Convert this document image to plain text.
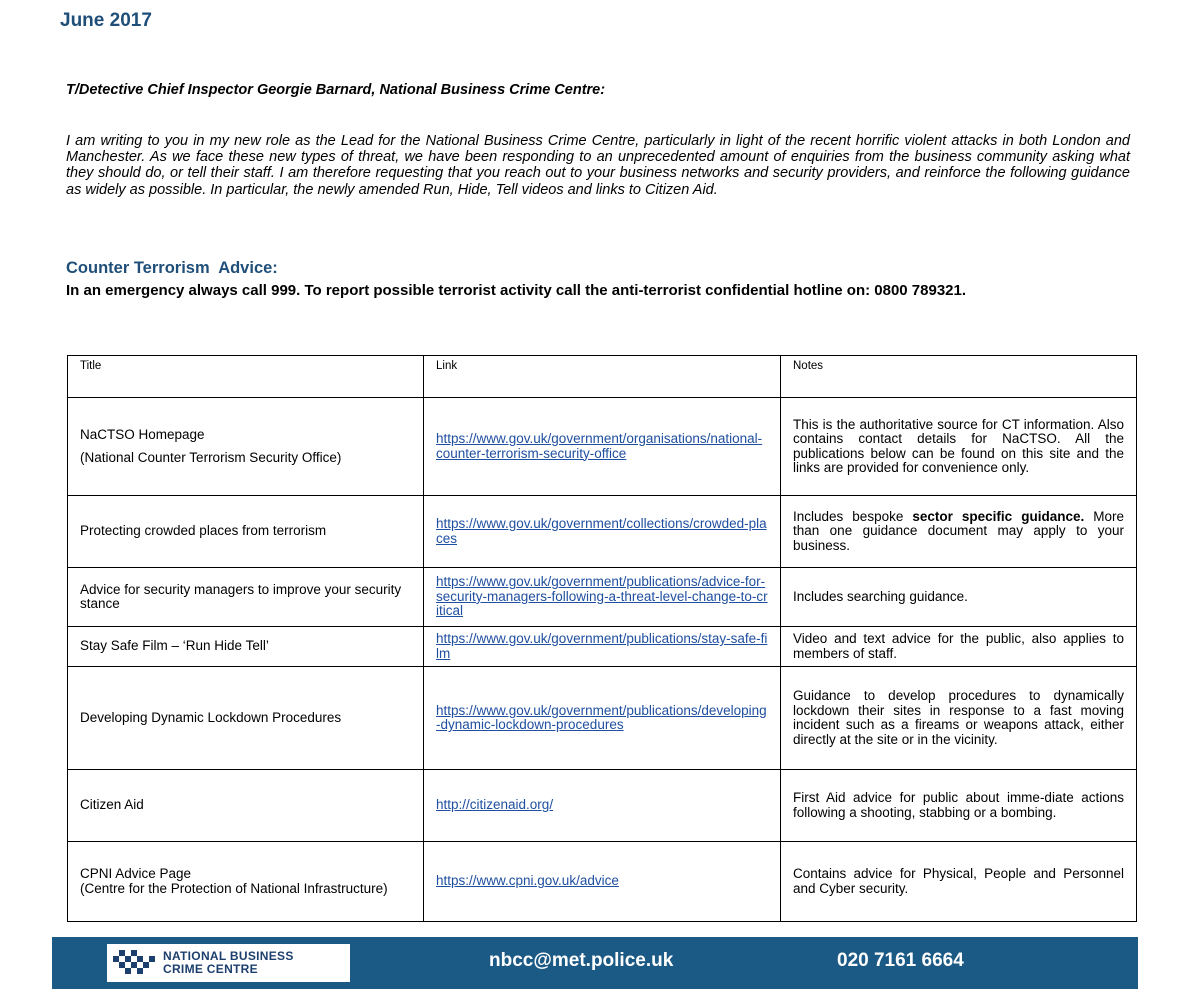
June 2017
T/Detective Chief Inspector Georgie Barnard, National Business Crime Centre:
I am writing to you in my new role as the Lead for the National Business Crime Centre, particularly in light of the recent horrific violent attacks in both London and Manchester. As we face these new types of threat, we have been responding to an unprecedented amount of enquiries from the business community asking what they should do, or tell their staff. I am therefore requesting that you reach out to your business networks and security providers, and reinforce the following guidance as widely as possible. In particular, the newly amended Run, Hide, Tell videos and links to Citizen Aid.
Counter Terrorism  Advice:
In an emergency always call 999. To report possible terrorist activity call the anti-terrorist confidential hotline on: 0800 789321.
Title	Link	Notes
NaCTSO Homepage
(National Counter Terrorism Security Office)	https://www.gov.uk/government/organisations/national-counter-terrorism-security-office	This is the authoritative source for CT information. Also contains contact details for NaCTSO. All the publications below can be found on this site and the links are provided for convenience only.
Protecting crowded places from terrorism	https://www.gov.uk/government/collections/crowded-places	Includes bespoke sector specific guidance. More than one guidance document may apply to your business.
Advice for security managers to improve your security stance	https://www.gov.uk/government/publications/advice-for-security-managers-following-a-threat-level-change-to-critical	Includes searching guidance.
Stay Safe Film – ‘Run Hide Tell’	https://www.gov.uk/government/publications/stay-safe-film	Video and text advice for the public, also applies to members of staff.
Developing Dynamic Lockdown Procedures	https://www.gov.uk/government/publications/developing-dynamic-lockdown-procedures	Guidance to develop procedures to dynamically lockdown their sites in response to a fast moving incident such as a fireams or weapons attack, either directly at the site or in the vicinity.
Citizen Aid	http://citizenaid.org/	First Aid advice for public about imme-diate actions following a shooting, stabbing or a bombing.
CPNI Advice Page
(Centre for the Protection of National Infrastructure)	https://www.cpni.gov.uk/advice	Contains advice for Physical, People and Personnel and Cyber security.
NATIONAL BUSINESS
CRIME CENTRE	nbcc@met.police.uk	020 7161 6664
